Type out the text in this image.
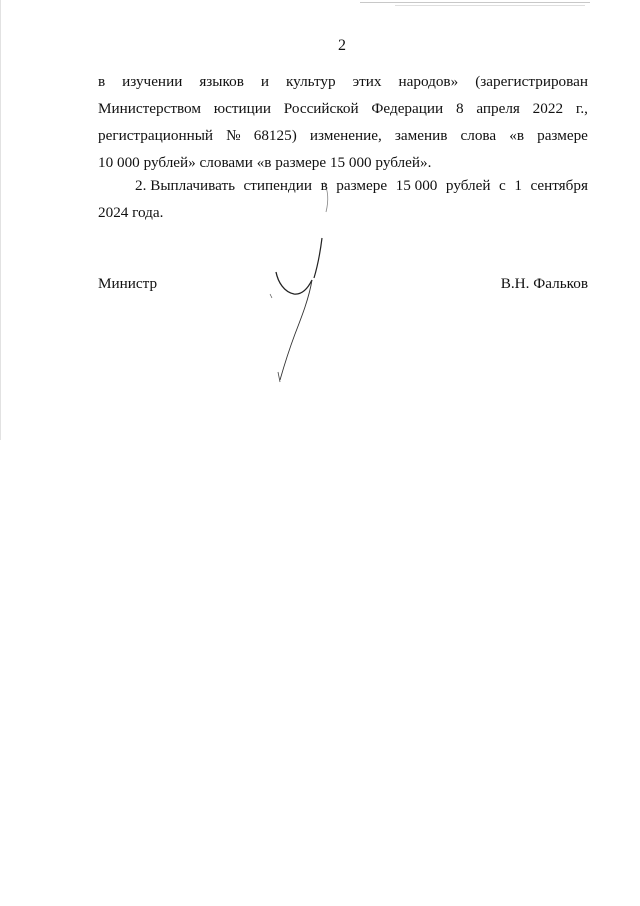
2
в изучении языков и культур этих народов» (зарегистрирован
Министерством юстиции Российской Федерации 8 апреля 2022 г.,
регистрационный № 68125) изменение, заменив слова «в размере
10 000 рублей» словами «в размере 15 000 рублей».
2. Выплачивать стипендии в размере 15 000 рублей с 1 сентября
2024 года.
Министр	В.Н. Фальков
